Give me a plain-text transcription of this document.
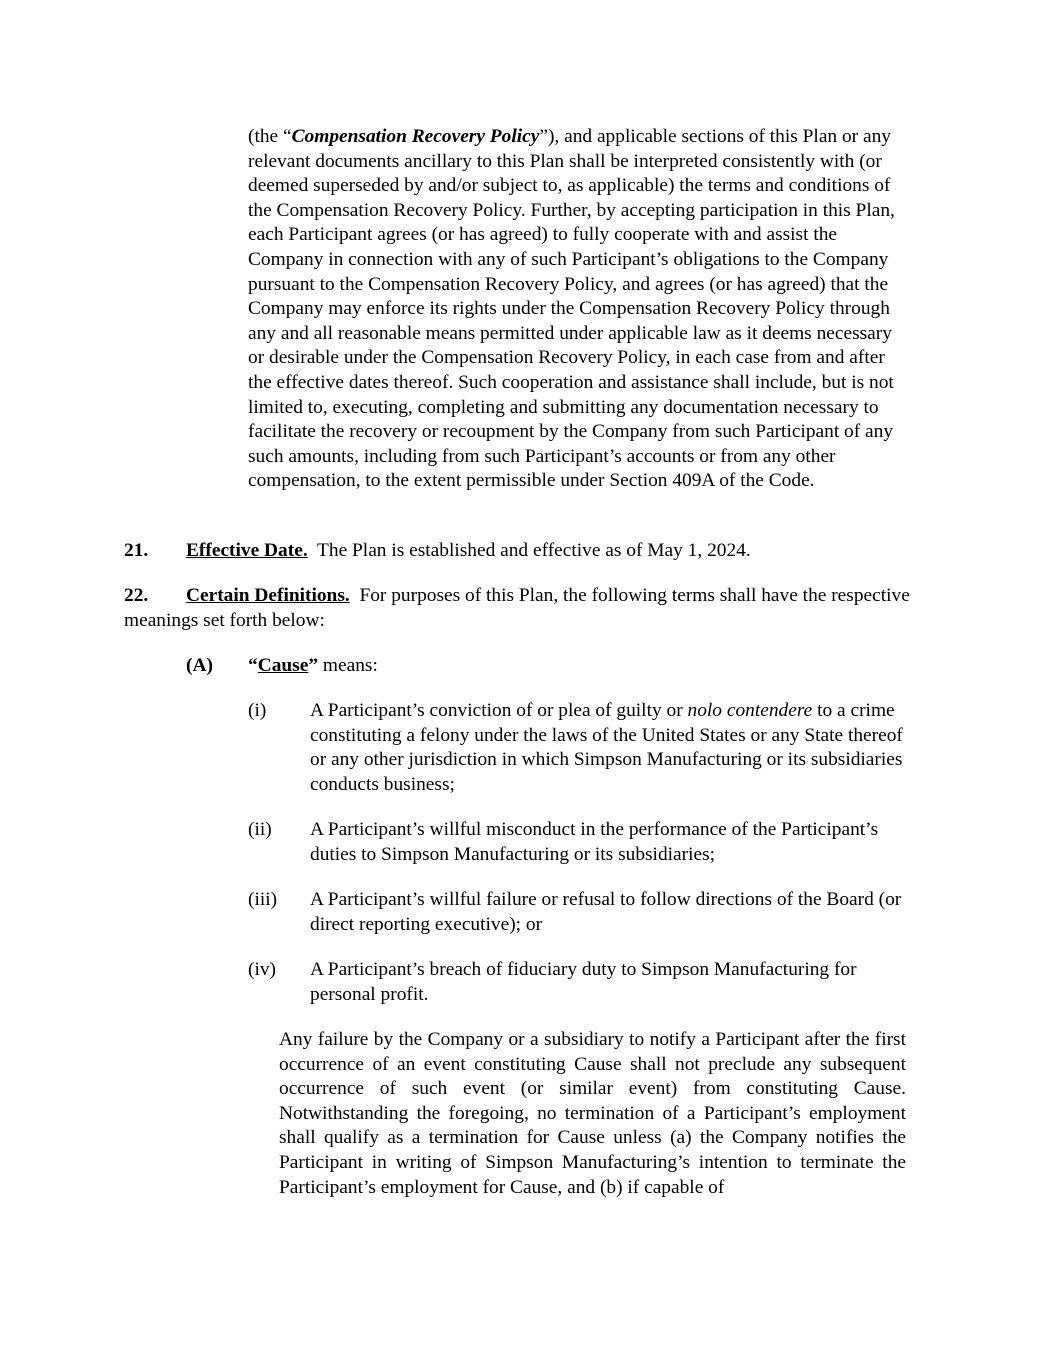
(the “Compensation Recovery Policy”), and applicable sections of this Plan or any relevant documents ancillary to this Plan shall be interpreted consistently with (or deemed superseded by and/or subject to, as applicable) the terms and conditions of the Compensation Recovery Policy. Further, by accepting participation in this Plan, each Participant agrees (or has agreed) to fully cooperate with and assist the Company in connection with any of such Participant’s obligations to the Company pursuant to the Compensation Recovery Policy, and agrees (or has agreed) that the Company may enforce its rights under the Compensation Recovery Policy through any and all reasonable means permitted under applicable law as it deems necessary or desirable under the Compensation Recovery Policy, in each case from and after the effective dates thereof. Such cooperation and assistance shall include, but is not limited to, executing, completing and submitting any documentation necessary to facilitate the recovery or recoupment by the Company from such Participant of any such amounts, including from such Participant’s accounts or from any other compensation, to the extent permissible under Section 409A of the Code.

21. Effective Date. The Plan is established and effective as of May 1, 2024.
22. Certain Definitions. For purposes of this Plan, the following terms shall have the respective meanings set forth below:
(A) “Cause” means:
(i) A Participant’s conviction of or plea of guilty or nolo contendere to a crime constituting a felony under the laws of the United States or any State thereof or any other jurisdiction in which Simpson Manufacturing or its subsidiaries conducts business;
(ii) A Participant’s willful misconduct in the performance of the Participant’s duties to Simpson Manufacturing or its subsidiaries;
(iii) A Participant’s willful failure or refusal to follow directions of the Board (or direct reporting executive); or
(iv) A Participant’s breach of fiduciary duty to Simpson Manufacturing for personal profit.

Any failure by the Company or a subsidiary to notify a Participant after the first occurrence of an event constituting Cause shall not preclude any subsequent occurrence of such event (or similar event) from constituting Cause. Notwithstanding the foregoing, no termination of a Participant’s employment shall qualify as a termination for Cause unless (a) the Company notifies the Participant in writing of Simpson Manufacturing’s intention to terminate the Participant’s employment for Cause, and (b) if capable of
